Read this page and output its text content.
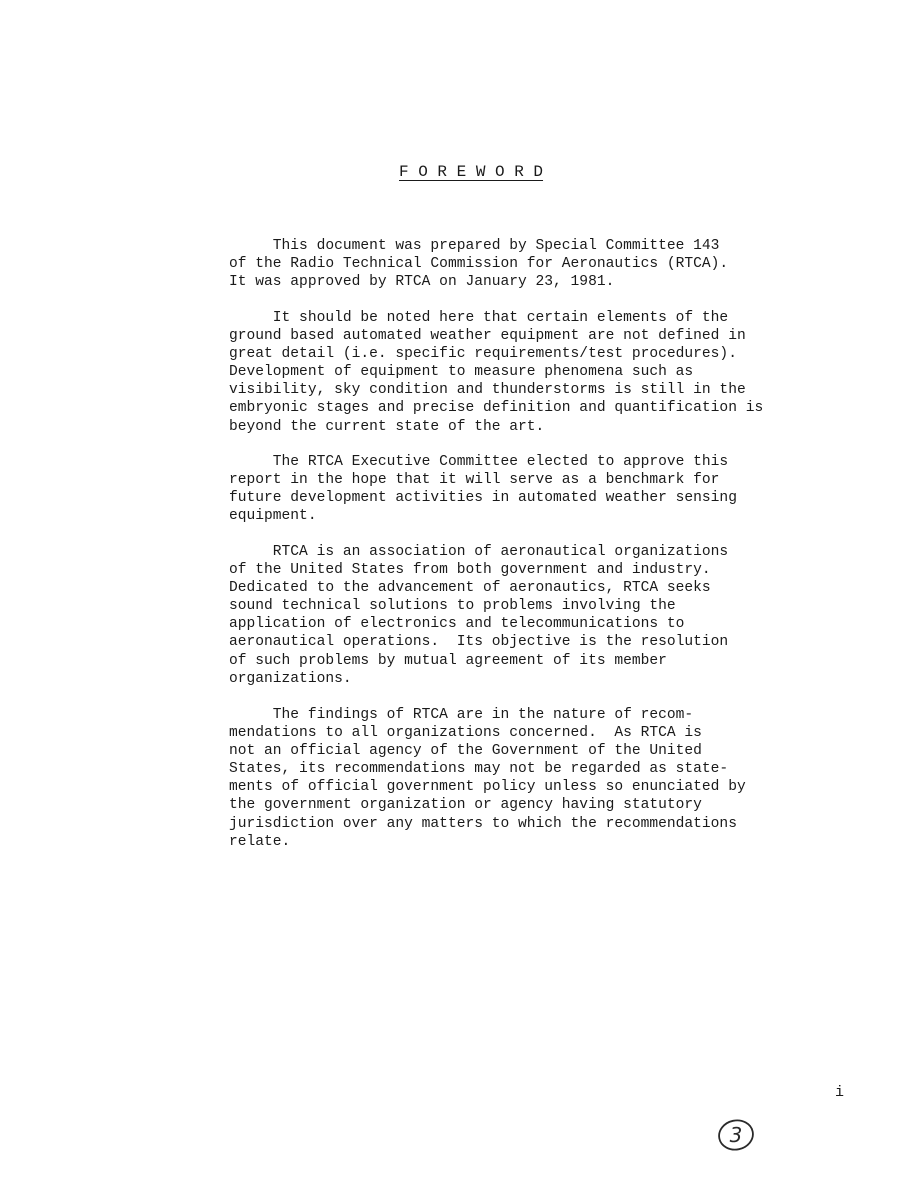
F O R E W O R D

This document was prepared by Special Committee 143
of the Radio Technical Commission for Aeronautics (RTCA).
It was approved by RTCA on January 23, 1981.

It should be noted here that certain elements of the
ground based automated weather equipment are not defined in
great detail (i.e. specific requirements/test procedures).
Development of equipment to measure phenomena such as
visibility, sky condition and thunderstorms is still in the
embryonic stages and precise definition and quantification is
beyond the current state of the art.

The RTCA Executive Committee elected to approve this
report in the hope that it will serve as a benchmark for
future development activities in automated weather sensing
equipment.

RTCA is an association of aeronautical organizations
of the United States from both government and industry.
Dedicated to the advancement of aeronautics, RTCA seeks
sound technical solutions to problems involving the
application of electronics and telecommunications to
aeronautical operations.  Its objective is the resolution
of such problems by mutual agreement of its member
organizations.

The findings of RTCA are in the nature of recom-
mendations to all organizations concerned.  As RTCA is
not an official agency of the Government of the United
States, its recommendations may not be regarded as state-
ments of official government policy unless so enunciated by
the government organization or agency having statutory
jurisdiction over any matters to which the recommendations
relate.

i
3
